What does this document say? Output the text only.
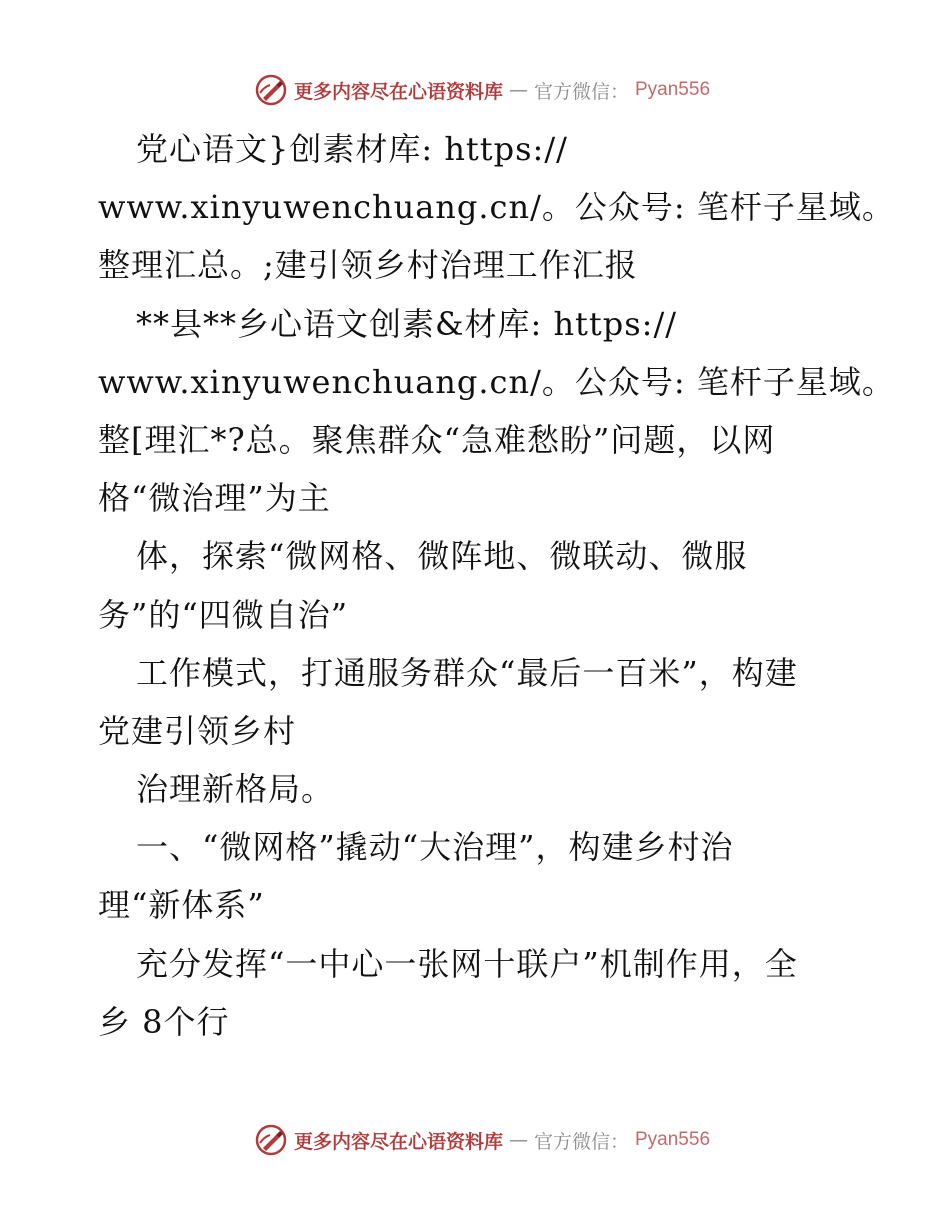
更多内容尽在心语资料库 — 官方微信： Pyan556
党心语文}创素材库: https://
www.xinyuwenchuang.cn/。公众号: 笔杆子星域。
整理汇总。;建引领乡村治理工作汇报
**县**乡心语文创素&材库: https://
www.xinyuwenchuang.cn/。公众号: 笔杆子星域。
整[理汇*?总。聚焦群众“急难愁盼”问题，以网
格“微治理”为主
体，探索“微网格、微阵地、微联动、微服
务”的“四微自治”
工作模式，打通服务群众“最后一百米”，构建
党建引领乡村
治理新格局。
一、“微网格”撬动“大治理”，构建乡村治
理“新体系”
充分发挥“一中心一张网十联户”机制作用，全
乡 8个行
更多内容尽在心语资料库 — 官方微信： Pyan556
